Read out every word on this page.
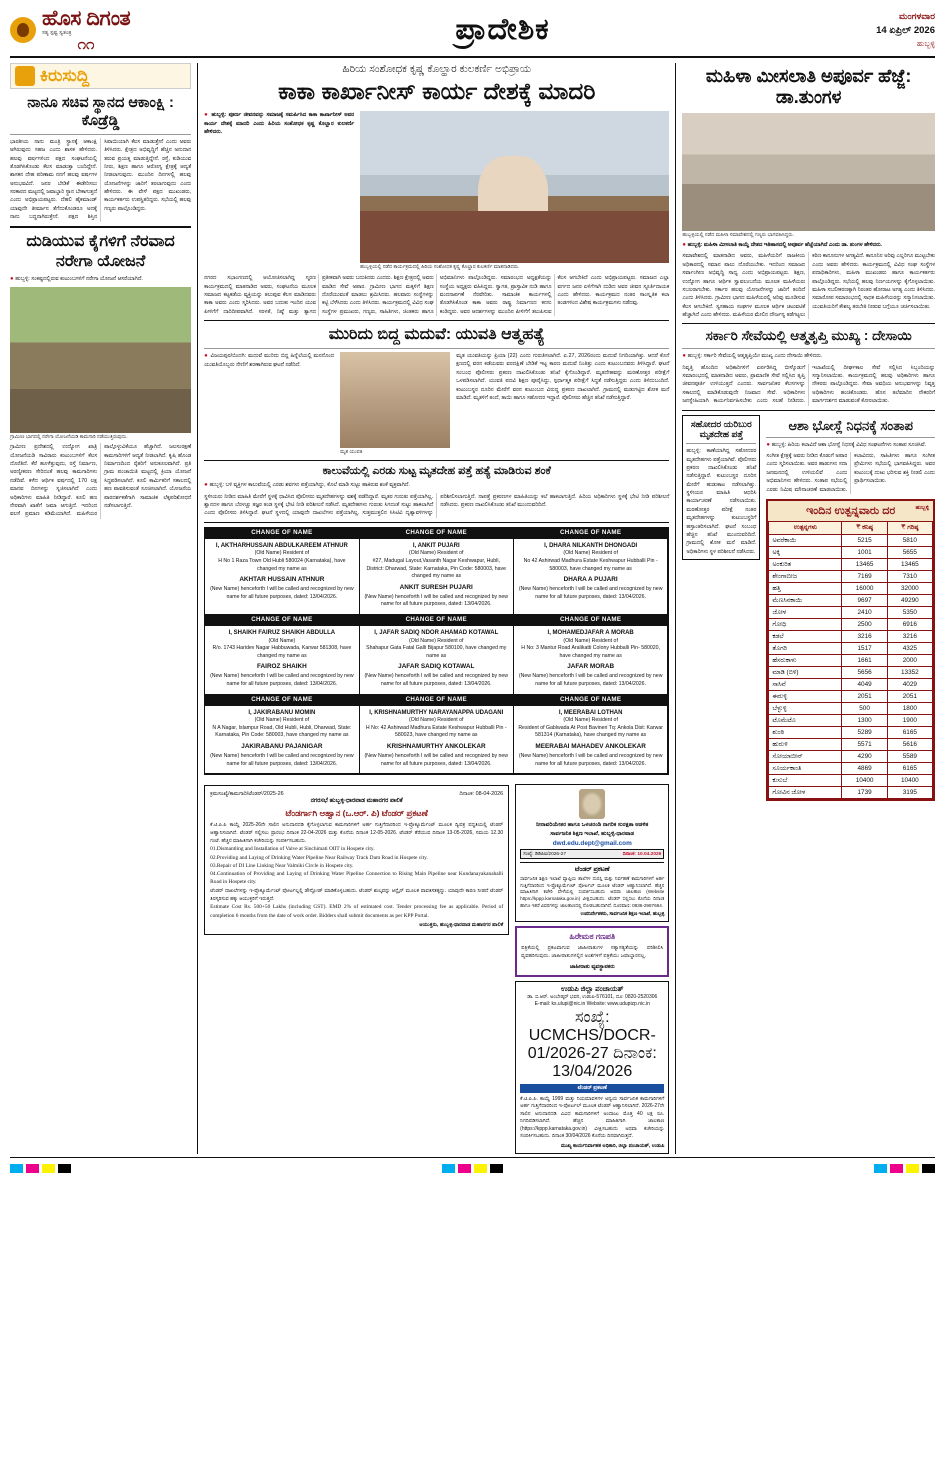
ಹೊಸ ದಿಗಂತ
ಸತ್ಯ ಸ್ಪಷ್ಟ ಸ್ವತಂತ್ರ
೧೧	ಪ್ರಾದೇಶಿಕ	ಮಂಗಳವಾರ
14 ಏಪ್ರಿಲ್ 2026
ಹುಬ್ಬಳ್ಳಿ
ಕಿರುಸುದ್ದಿ
ನಾನೂ ಸಚಿವ ಸ್ಥಾನದ ಆಕಾಂಕ್ಷಿ : ಕೊಡ್ರೆಡ್ಡಿ
ಭಾರತೀಯ ನಾನು ಮಂತ್ರಿ ಸ್ಥಾನಕ್ಕೆ ಆಕಾಂಕ್ಷಿ ಆಗಿರುವುದು ಸಹಜ ಎಂದು ಶಾಸಕ ಹೇಳಿದರು. ಹಲವು ವರ್ಷಗಳಿಂದ ಪಕ್ಷದ ಸಂಘಟನೆಯಲ್ಲಿ ತೊಡಗಿಸಿಕೊಂಡು ಕೆಲಸ ಮಾಡುತ್ತಾ ಬಂದಿದ್ದೇನೆ. ಶಾಸಕನ ದೇಹ ಪರಿಣಾಮ ನನಗೆ ಹಲವು ವರ್ಷಗಳ ಅನುಭವವಿದೆ. ಜನರ ಬೇಡಿಕೆ ಈಡೇರಿಸಲು ಸರಕಾರದ ಮಟ್ಟದಲ್ಲಿ ಜವಾಬ್ದಾರಿ ಸ್ಥಾನ ಬೇಕಾಗುತ್ತದೆ ಎಂದು ಅಭಿಪ್ರಾಯಪಟ್ಟರು. ದೆಹಲಿ ಹೈಕಮಾಂಡ್ ಯಾವುದೇ ತೀರ್ಮಾನ ತೆಗೆದುಕೊಂಡರೂ ಅದಕ್ಕೆ ನಾನು ಬದ್ಧನಾಗಿರುತ್ತೇನೆ. ಪಕ್ಷದ ಶಿಸ್ತಿನ ಸಿಪಾಯಿಯಾಗಿ ಕೆಲಸ ಮಾಡುತ್ತೇನೆ ಎಂದು ಅವರು ತಿಳಿಸಿದರು. ಕ್ಷೇತ್ರದ ಅಭಿವೃದ್ಧಿಗೆ ಹೆಚ್ಚಿನ ಅನುದಾನ ತರುವ ಪ್ರಯತ್ನ ಮಾಡುತ್ತಿದ್ದೇನೆ. ರಸ್ತೆ, ಕುಡಿಯುವ ನೀರು, ಶಿಕ್ಷಣ ಹಾಗೂ ಆರೋಗ್ಯ ಕ್ಷೇತ್ರಕ್ಕೆ ಆದ್ಯತೆ ನೀಡಲಾಗುವುದು. ಮುಂದಿನ ದಿನಗಳಲ್ಲಿ ಹಲವು ಯೋಜನೆಗಳನ್ನು ಜಾರಿಗೆ ತರಲಾಗುವುದು ಎಂದು ಹೇಳಿದರು. ಈ ವೇಳೆ ಪಕ್ಷದ ಮುಖಂಡರು, ಕಾರ್ಯಕರ್ತರು ಉಪಸ್ಥಿತರಿದ್ದರು. ಸಭೆಯಲ್ಲಿ ಹಲವು ಗಣ್ಯರು ಪಾಲ್ಗೊಂಡಿದ್ದರು.
ದುಡಿಯುವ ಕೈಗಳಿಗೆ ನೆರವಾದ ನರೇಗಾ ಯೋಜನೆ
● ಹುಬ್ಬಳ್ಳಿ: ಸಂಕಷ್ಟದಲ್ಲಿರುವ ಕುಟುಂಬಗಳಿಗೆ ನರೇಗಾ ಯೋಜನೆ ಆಸರೆಯಾಗಿದೆ.
ಗ್ರಾಮೀಣ ಭಾಗದಲ್ಲಿ ನರೇಗಾ ಯೋಜನೆಯಡಿ ಕಾಮಗಾರಿ ನಡೆಯುತ್ತಿರುವುದು.
ಗ್ರಾಮೀಣ ಪ್ರದೇಶದಲ್ಲಿ ಉದ್ಯೋಗ ಖಾತ್ರಿ ಯೋಜನೆಯಡಿ ಸಾವಿರಾರು ಕುಟುಂಬಗಳಿಗೆ ಕೆಲಸ ದೊರೆತಿದೆ. ಕೆರೆ ಹೂಳೆತ್ತುವುದು, ರಸ್ತೆ ನಿರ್ಮಾಣ, ಅರಣ್ಯೀಕರಣ ಸೇರಿದಂತೆ ಹಲವು ಕಾಮಗಾರಿಗಳು ನಡೆದಿವೆ. ಕಳೆದ ಆರ್ಥಿಕ ವರ್ಷದಲ್ಲಿ 170 ಲಕ್ಷ ಮಾನವ ದಿನಗಳನ್ನು ಸೃಜಿಸಲಾಗಿದೆ ಎಂದು ಅಧಿಕಾರಿಗಳು ಮಾಹಿತಿ ನೀಡಿದ್ದಾರೆ. ಕೂಲಿ ಹಣ ನೇರವಾಗಿ ಖಾತೆಗೆ ಜಮಾ ಆಗುತ್ತಿದೆ. ಇದರಿಂದ ವಲಸೆ ಪ್ರಮಾಣ ಕಡಿಮೆಯಾಗಿದೆ. ಮಹಿಳೆಯರ ಪಾಲ್ಗೊಳ್ಳುವಿಕೆಯೂ ಹೆಚ್ಚಾಗಿದೆ. ಜಲಸಂರಕ್ಷಣೆ ಕಾಮಗಾರಿಗಳಿಗೆ ಆದ್ಯತೆ ನೀಡಲಾಗಿದೆ. ಕೃಷಿ ಹೊಂಡ ನಿರ್ಮಾಣದಿಂದ ರೈತರಿಗೆ ಅನುಕೂಲವಾಗಿದೆ. ಪ್ರತಿ ಗ್ರಾಮ ಪಂಚಾಯಿತಿ ಮಟ್ಟದಲ್ಲಿ ಕ್ರಿಯಾ ಯೋಜನೆ ಸಿದ್ಧಪಡಿಸಲಾಗಿದೆ. ಕೂಲಿ ಕಾರ್ಮಿಕರಿಗೆ ಸಕಾಲದಲ್ಲಿ ಹಣ ಪಾವತಿಸುವಂತೆ ಸೂಚಿಸಲಾಗಿದೆ. ಯೋಜನೆಯ ಪಾರದರ್ಶಕತೆಗಾಗಿ ಸಾಮಾಜಿಕ ಲೆಕ್ಕಪರಿಶೋಧನೆ ನಡೆಸಲಾಗುತ್ತಿದೆ.
ಹಿರಿಯ ಸಂಶೋಧಕ ಕೃಷ್ಣ ಕೊಲ್ಹಾರ ಕುಲಕರ್ಣಿ ಅಭಿಪ್ರಾಯ
ಕಾಕಾ ಕಾರ್ಖಾನೀಸ್ ಕಾರ್ಯ ದೇಶಕ್ಕೆ ಮಾದರಿ
● ಹುಬ್ಬಳ್ಳಿ: ಪೂರ್ಣ ಜೀವನವನ್ನು ಸಮಾಜಕ್ಕೆ ಸಮರ್ಪಿಸಿದ ಕಾಕಾ ಕಾರ್ಖಾನೀಸ್ ಅವರ ಕಾರ್ಯ ದೇಶಕ್ಕೆ ಮಾದರಿ ಎಂದು ಹಿರಿಯ ಸಂಶೋಧಕ ಕೃಷ್ಣ ಕೊಲ್ಹಾರ ಕುಲಕರ್ಣಿ ಹೇಳಿದರು.
ಹುಬ್ಬಳ್ಳಿಯಲ್ಲಿ ನಡೆದ ಕಾರ್ಯಕ್ರಮದಲ್ಲಿ ಹಿರಿಯ ಸಂಶೋಧಕ ಕೃಷ್ಣ ಕೊಲ್ಹಾರ ಕುಲಕರ್ಣಿ ಮಾತನಾಡಿದರು.
ನಗರದ ಸಭಾಂಗಣದಲ್ಲಿ ಆಯೋಜಿಸಲಾಗಿದ್ದ ಸ್ಮರಣ ಕಾರ್ಯಕ್ರಮದಲ್ಲಿ ಮಾತನಾಡಿದ ಅವರು, ಸಂಘಟನೆಯ ಮೂಲಕ ಸಮಾಜದ ಕಟ್ಟಕಡೆಯ ವ್ಯಕ್ತಿಯನ್ನು ತಲುಪುವ ಕೆಲಸ ಮಾಡಿದವರು ಕಾಕಾ ಅವರು ಎಂದು ಸ್ಮರಿಸಿದರು. ಅವರ ಬದುಕು ಇಂದಿನ ಯುವ ಪೀಳಿಗೆಗೆ ದಾರಿದೀಪವಾಗಿದೆ. ಸರಳತೆ, ನಿಷ್ಠೆ ಮತ್ತು ತ್ಯಾಗದ ಪ್ರತೀಕವಾಗಿ ಅವರು ಬದುಕಿದರು ಎಂದರು. ಶಿಕ್ಷಣ ಕ್ಷೇತ್ರದಲ್ಲಿ ಅವರು ಮಾಡಿದ ಸೇವೆ ಅಪಾರ. ಗ್ರಾಮೀಣ ಭಾಗದ ಮಕ್ಕಳಿಗೆ ಶಿಕ್ಷಣ ದೊರೆಯುವಂತೆ ಮಾಡಲು ಶ್ರಮಿಸಿದರು. ಹಲವಾರು ಸಂಸ್ಥೆಗಳನ್ನು ಕಟ್ಟಿ ಬೆಳೆಸಿದರು ಎಂದು ತಿಳಿಸಿದರು. ಕಾರ್ಯಕ್ರಮದಲ್ಲಿ ವಿವಿಧ ಸಂಘ ಸಂಸ್ಥೆಗಳ ಪ್ರಮುಖರು, ಗಣ್ಯರು, ಸಾಹಿತಿಗಳು, ಚಿಂತಕರು ಹಾಗೂ ಅಭಿಮಾನಿಗಳು ಪಾಲ್ಗೊಂಡಿದ್ದರು. ಸಮಾರಂಭದ ಅಧ್ಯಕ್ಷತೆಯನ್ನು ಸಂಸ್ಥೆಯ ಅಧ್ಯಕ್ಷರು ವಹಿಸಿದ್ದರು. ಸ್ವಾಗತ, ಪ್ರಾಸ್ತಾವಿಕ ನುಡಿ ಹಾಗೂ ವಂದನಾರ್ಪಣೆ ನೆರವೇರಿತು. ಸಾಮಾಜಿಕ ಕಾರ್ಯಗಳಲ್ಲಿ ತೊಡಗಿಸಿಕೊಂಡ ಕಾಕಾ ಅವರು ರಾಷ್ಟ್ರ ನಿರ್ಮಾಣದ ಕನಸು ಕಂಡಿದ್ದರು. ಅವರ ಆದರ್ಶಗಳನ್ನು ಮುಂದಿನ ಪೀಳಿಗೆಗೆ ತಲುಪಿಸುವ ಕೆಲಸ ಆಗಬೇಕಿದೆ ಎಂದು ಅಭಿಪ್ರಾಯಪಟ್ಟರು. ಸಮಾಜದ ಎಲ್ಲಾ ವರ್ಗದ ಜನರ ಏಳಿಗೆಗಾಗಿ ದುಡಿದ ಅವರ ಜೀವನ ಸ್ಫೂರ್ತಿದಾಯಕ ಎಂದು ಹೇಳಿದರು. ಕಾರ್ಯಕ್ರಮದ ನಂತರ ಸಾಂಸ್ಕೃತಿಕ ಕಲಾ ತಂಡಗಳಿಂದ ವಿಶೇಷ ಕಾರ್ಯಕ್ರಮಗಳು ನಡೆದವು.
ಮುರಿದು ಬಿದ್ದ ಮದುವೆ: ಯುವತಿ ಆತ್ಮಹತ್ಯೆ
● ವಿಜಯಪುರ/ಬಿಂದಗಿ: ಮದುವೆ ಮುರಿದು ಬಿದ್ದ ಹಿನ್ನೆಲೆಯಲ್ಲಿ ಮನನೊಂದ ಯುವತಿಯೊಬ್ಬರು ನೇಣಿಗೆ ಶರಣಾಗಿರುವ ಘಟನೆ ನಡೆದಿದೆ.
ಮೃತ ಯುವತಿ
ಮೃತ ಯುವತಿಯನ್ನು ಪ್ರಿಯಾ (22) ಎಂದು ಗುರುತಿಸಲಾಗಿದೆ. ಏ.27, 2026ರಂದು ಮದುವೆ ನಿಗದಿಯಾಗಿತ್ತು. ಆದರೆ ಕೊನೆ ಕ್ಷಣದಲ್ಲಿ ವರನ ಕಡೆಯವರು ವರದಕ್ಷಿಣೆ ಬೇಡಿಕೆ ಇಟ್ಟ ಕಾರಣ ಮದುವೆ ನಿಂತಿತ್ತು ಎಂದು ಕುಟುಂಬದವರು ತಿಳಿಸಿದ್ದಾರೆ. ಘಟನೆ ಸಂಬಂಧ ಪೊಲೀಸರು ಪ್ರಕರಣ ದಾಖಲಿಸಿಕೊಂಡು ತನಿಖೆ ಕೈಗೊಂಡಿದ್ದಾರೆ. ಮೃತದೇಹವನ್ನು ಮರಣೋತ್ತರ ಪರೀಕ್ಷೆಗೆ ಒಳಪಡಿಸಲಾಗಿದೆ. ಯುವತಿ ಪದವಿ ಶಿಕ್ಷಣ ಪೂರೈಸಿದ್ದು, ಸ್ಪರ್ಧಾತ್ಮಕ ಪರೀಕ್ಷೆಗೆ ಸಿದ್ಧತೆ ನಡೆಸುತ್ತಿದ್ದರು ಎಂದು ತಿಳಿದುಬಂದಿದೆ. ಕುಟುಂಬಸ್ಥರ ದೂರಿನ ಮೇರೆಗೆ ವರನ ಕುಟುಂಬದ ವಿರುದ್ಧ ಪ್ರಕರಣ ದಾಖಲಾಗಿದೆ. ಗ್ರಾಮದಲ್ಲಿ ಮಡುಗಟ್ಟಿದ ಶೋಕ ಮನೆ ಮಾಡಿದೆ. ಮೃತಳಿಗೆ ತಂದೆ, ತಾಯಿ ಹಾಗೂ ಸಹೋದರ ಇದ್ದಾರೆ. ಪೊಲೀಸರು ಹೆಚ್ಚಿನ ತನಿಖೆ ನಡೆಸುತ್ತಿದ್ದಾರೆ.
ಕಾಲುವೆಯಲ್ಲಿ ಎರಡು ಸುಟ್ಟ ಮೃತದೇಹ ಪತ್ತೆ ಹತ್ಯೆ ಮಾಡಿರುವ ಶಂಕೆ
● ಹುಬ್ಬಳ್ಳಿ: ಬಳಿ ವ್ಯಕ್ತಿಗಳ ಕಾಲುವೆಯಲ್ಲಿ ಎರಡು ಶವಗಳು ಪತ್ತೆಯಾಗಿದ್ದು, ಕೊಲೆ ಮಾಡಿ ಸುಟ್ಟು ಹಾಕಿರುವ ಶಂಕೆ ವ್ಯಕ್ತವಾಗಿದೆ.
ಸ್ಥಳೀಯರು ನೀಡಿದ ಮಾಹಿತಿ ಮೇರೆಗೆ ಸ್ಥಳಕ್ಕೆ ಧಾವಿಸಿದ ಪೊಲೀಸರು ಮೃತದೇಹಗಳನ್ನು ವಶಕ್ಕೆ ಪಡೆದಿದ್ದಾರೆ. ಮೃತರ ಗುರುತು ಪತ್ತೆಯಾಗಿಲ್ಲ. ಶ್ವಾನದಳ ಹಾಗೂ ಬೆರಳಚ್ಚು ತಜ್ಞರ ತಂಡ ಸ್ಥಳಕ್ಕೆ ಭೇಟಿ ನೀಡಿ ಪರಿಶೀಲನೆ ನಡೆಸಿದೆ. ಮೃತದೇಹಗಳು ಗುರುತು ಸಿಗದಂತೆ ಸುಟ್ಟು ಹಾಕಲಾಗಿದೆ ಎಂದು ಪೊಲೀಸರು ತಿಳಿಸಿದ್ದಾರೆ. ಘಟನೆ ಸ್ಥಳದಲ್ಲಿ ಯಾವುದೇ ದಾಖಲೆಗಳು ಪತ್ತೆಯಾಗಿಲ್ಲ. ಸುತ್ತಮುತ್ತಲಿನ ಸಿಸಿಟಿವಿ ದೃಶ್ಯಾವಳಿಗಳನ್ನು ಪರಿಶೀಲಿಸಲಾಗುತ್ತಿದೆ. ನಾಪತ್ತೆ ಪ್ರಕರಣಗಳ ಮಾಹಿತಿಯನ್ನು ಕಲೆ ಹಾಕಲಾಗುತ್ತಿದೆ. ಹಿರಿಯ ಅಧಿಕಾರಿಗಳು ಸ್ಥಳಕ್ಕೆ ಭೇಟಿ ನೀಡಿ ಪರಿಶೀಲನೆ ನಡೆಸಿದರು. ಪ್ರಕರಣ ದಾಖಲಿಸಿಕೊಂಡು ತನಿಖೆ ಮುಂದುವರಿದಿದೆ.
CHANGE OF NAME
I, AKTHARHUSSAIN ABDULKAREEM ATHNUR
(Old Name) Resident of
H No 1 Raza Town Old Hubli 580024 (Karnataka), have changed my name as
AKHTAR HUSSAIN ATHNUR
(New Name) henceforth I will be called and recognized by new name for all future purposes, dated: 13/04/2026.
CHANGE OF NAME
I, ANKIT PUJARI
(Old Name) Resident of
#27, Madugal Layout,Vasanth Nagar Keshwapur, Hubli, District: Dharwad, State: Karnataka, Pin Code: 580003, have changed my name as
ANKIT SURESH PUJARI
(New Name) henceforth I will be called and recognized by new name for all future purposes, dated: 13/04/2026.
CHANGE OF NAME
I, DHARA NILKANTH DHONGADI
(Old Name) Resident of
No 42 Ashirwad Madhura Estate Keshwapur Hubballi Pin - 580003, have changed my name as
DHARA A PUJARI
(New Name) henceforth I will be called and recognized by new name for all future purposes, dated: 13/04/2026.
CHANGE OF NAME
I, SHAIKH FAIRUZ SHAIKH ABDULLA
(Old Name)
R/o. 1743 Haridev Nagar Habbuwada, Karwar 581308, have changed my name as
FAIROZ SHAIKH
(New Name) henceforth I will be called and recognized by new name for all future purposes, dated: 13/04/2026.
CHANGE OF NAME
I, JAFAR SADIQ NDOR AHAMAD KOTAWAL
(Old Name) Resident of
Shahapur Gata Fatal Galli Bijapur 580100, have changed my name as
JAFAR SADIQ KOTAWAL
(New Name) henceforth I will be called and recognized by new name for all future purposes, dated: 13/04/2026.
CHANGE OF NAME
I, MOHAMEDJAFAR A MORAB
(Old Name) Resident of
H No: 3 Mantur Road Aralikatti Colony Hubballi Pin- 580020, have changed my name as
JAFAR MORAB
(New Name) henceforth I will be called and recognized by new name for all future purposes, dated: 13/04/2026.
CHANGE OF NAME
I, JAKIRABANU MOMIN
(Old Name) Resident of
N A Nagar, Islampur Road, Old Hubli, Hubli, Dharwad, State: Karnataka, Pin Code: 580003, have changed my name as
JAKIRABANU PAJANIGAR
(New Name) henceforth I will be called and recognized by new name for all future purposes, dated: 13/04/2026.
CHANGE OF NAME
I, KRISHNAMURTHY NARAYANAPPA UDAGANI
(Old Name) Resident of
H No: 42 Ashirwad Madhura Estate Keshwapur Hubballi Pin - 580023, have changed my name as
KRISHNAMURTHY ANKOLEKAR
(New Name) henceforth I will be called and recognized by new name for all future purposes, dated: 13/04/2026.
CHANGE OF NAME
I, MEERABAI LOTHAN
(Old Name) Resident of
Resident of Gablwada At Post Bavineri Tq: Ankola Dist: Karwar 581314 (Karnataka), have changed my name as
MEERABAI MAHADEV ANKOLEKAR
(New Name) henceforth I will be called and recognized by new name for all future purposes, dated: 13/04/2026.
ಕ್ರಮಸಂಖ್ಯೆ/ಕಾಮಗಾರಿ/ಟೆಂಡರ್/2025-26	ದಿನಾಂಕ: 08-04-2026
ನಗರಸಭೆ ಹುಬ್ಬಳ್ಳಿ-ಧಾರವಾಡ ಮಹಾನಗರ ಪಾಲಿಕೆ
ಟೆಂಡರ್ಗಾಗಿ ಆಹ್ವಾನ (ಒ.ಆರ್. ಪಿ) ಟೆಂಡರ್ ಪ್ರಕಟಣೆ
ಕೆ.ಟಿ.ಪಿ.ಪಿ ಕಾಯ್ದೆ 2025-26ನೇ ಸಾಲಿನ ಅನುದಾನದಡಿ ಕೈಗೊಳ್ಳಲಾಗುವ ಕಾಮಗಾರಿಗಳಿಗೆ ಅರ್ಹ ಗುತ್ತಿಗೆದಾರರಿಂದ ಇ-ಪ್ರೊಕ್ಯೂರ್ಮೆಂಟ್ ಮೂಲಕ ದ್ವಿಪತ್ರ ಪದ್ಧತಿಯಲ್ಲಿ ಟೆಂಡರ್ ಆಹ್ವಾನಿಸಲಾಗಿದೆ. ಟೆಂಡರ್ ಸಲ್ಲಿಸಲು ಪ್ರಾರಂಭ ದಿನಾಂಕ 22-04-2026 ಮತ್ತು ಕೊನೆಯ ದಿನಾಂಕ 12-05-2026. ಟೆಂಡರ್ ತೆರೆಯುವ ದಿನಾಂಕ 13-05-2026, ಸಮಯ 12.30 ಗಂಟೆ. ಹೆಚ್ಚಿನ ಮಾಹಿತಿಗಾಗಿ ಕಚೇರಿಯನ್ನು ಸಂಪರ್ಕಿಸಬಹುದು.
01.Dismantling and Installation of Valve at Sinchimati OIIT in Hospete city.
02.Providing and Laying of Drinking Water Pipeline Near Railway Track Dam Road in Hospete city.
03.Repair of DI Line Linking Near Valmiki Circle in Hospete city.
04.Continuation of Providing and Laying of Drinking Water Pipeline Connection to Rising Main Pipeline near Kundanayakanahalli Road in Hospete city.
ಟೆಂಡರ್ ದಾಖಲೆಗಳನ್ನು ಇ-ಪ್ರೊಕ್ಯೂರ್ಮೆಂಟ್ ಪೋರ್ಟಲ್ನಲ್ಲಿ ಡೌನ್ಲೋಡ್ ಮಾಡಿಕೊಳ್ಳಬಹುದು. ಟೆಂಡರ್ ಶುಲ್ಕವನ್ನು ಆನ್ಲೈನ್ ಮೂಲಕ ಪಾವತಿಸತಕ್ಕದ್ದು. ಯಾವುದೇ ಕಾರಣ ನೀಡದೆ ಟೆಂಡರ್ ತಿರಸ್ಕರಿಸುವ ಹಕ್ಕು ಆಯುಕ್ತರಿಗೆ ಇರುತ್ತದೆ.
Estimate Cost Rs. 500+50 Lakhs (including GST). EMD 2% of estimated cost. Tender processing fee as applicable. Period of completion 6 months from the date of work order. Bidders shall submit documents as per KPP Portal.
ಆಯುಕ್ತರು, ಹುಬ್ಬಳ್ಳಿ-ಧಾರವಾಡ ಮಹಾನಗರ ಪಾಲಿಕೆ
ನೀರಾವರಿಯೇತರ ಹಾಗೂ ಒಳಚರಂಡಿ ನಾಗರಿಕ ಸುರಕ್ಷತಾ ಆಡಳಿತ
ಸಾರ್ವಜನಿಕ ಶಿಕ್ಷಣ ಇಲಾಖೆ, ಹುಬ್ಬಳ್ಳಿ-ಧಾರವಾಡ
dwd.edu.dept@gmail.com
ಸಂಖ್ಯೆ: ಡಿಡಿಪಿಐ/2026-27	ದಿನಾಂಕ: 10.04.2026
ಟೆಂಡರ್ ಪ್ರಕಟಣೆ
ಸಾರ್ವಜನಿಕ ಶಿಕ್ಷಣ ಇಲಾಖೆ ವ್ಯಾಪ್ತಿಯ ಶಾಲೆಗಳ ದುರಸ್ತಿ ಮತ್ತು ನಿರ್ವಹಣೆ ಕಾಮಗಾರಿಗಳಿಗೆ ಅರ್ಹ ಗುತ್ತಿಗೆದಾರರಿಂದ ಇ-ಪ್ರೊಕ್ಯೂರ್ಮೆಂಟ್ ಪೋರ್ಟಲ್ ಮೂಲಕ ಟೆಂಡರ್ ಆಹ್ವಾನಿಸಲಾಗಿದೆ. ಹೆಚ್ಚಿನ ಮಾಹಿತಿಗಾಗಿ ಕಚೇರಿ ವೇಳೆಯಲ್ಲಿ ಸಂಪರ್ಕಿಸಬಹುದು ಅಥವಾ ಜಾಲತಾಣ (Website https://kppp.karnataka.gov.in) ವೀಕ್ಷಿಸಬಹುದು. ಟೆಂಡರ್ ಸಲ್ಲಿಸಲು ಕೊನೆಯ ದಿನಾಂಕ ಹಾಗೂ ಇತರೆ ವಿವರಗಳನ್ನು ಜಾಲತಾಣದಲ್ಲಿ ನೋಡಬಹುದಾಗಿದೆ. ದೂರವಾಣಿ: 0836-2987684.
ಉಪನಿರ್ದೇಶಕರು, ಸಾರ್ವಜನಿಕ ಶಿಕ್ಷಣ ಇಲಾಖೆ, ಹುಬ್ಬಳ್ಳಿ
ಹಿರೇಮಠ ಗಣಪತಿ
ಪತ್ರಿಕೆಯಲ್ಲಿ ಪ್ರಕಟವಾಗುವ ಜಾಹೀರಾತುಗಳ ಸತ್ಯಾಸತ್ಯತೆಯನ್ನು ಪರಿಶೀಲಿಸಿ ವ್ಯವಹರಿಸುವುದು. ಜಾಹೀರಾತುಗಳಲ್ಲಿನ ಅಂಶಗಳಿಗೆ ಪತ್ರಿಕೆಯು ಜವಾಬ್ದಾರನಲ್ಲ.
ಜಾಹೀರಾತು ವ್ಯವಸ್ಥಾಪಕರು
ಉಡುಪಿ ಜಿಲ್ಲಾ ಪಂಚಾಯತ್
ಡಾ. ಬಿ.ಆರ್. ಅಂಬೇಡ್ಕರ್ ಭವನ, ಉಡುಪಿ-576101, ದೂ: 0820-2520306
E-mail: ks.ulupi@nic.in Website: www.udupizp.nic.in
ಸಂಖ್ಯೆ: UCMCHS/DOCR-01/2026-27 ದಿನಾಂಕ: 13/04/2026
ಟೆಂಡರ್ ಪ್ರಕಟಣೆ
ಕೆ.ಟಿ.ಪಿ.ಪಿ. ಕಾಯ್ದೆ 1999 ಮತ್ತು ನಿಯಮಾವಳಿಗಳ ಅನ್ವಯ ಸಾರ್ವಜನಿಕ ಕಾಮಗಾರಿಗಳಿಗೆ ಅರ್ಹ ಗುತ್ತಿಗೆದಾರರಿಂದ ಇ-ಪೋರ್ಟಲ್ ಮೂಲಕ ಟೆಂಡರ್ ಆಹ್ವಾನಿಸಲಾಗಿದೆ. 2026-27ನೇ ಸಾಲಿನ ಅನುದಾನದಡಿ ವಿವಿಧ ಕಾಮಗಾರಿಗಳಿಗೆ ಅಂದಾಜು ಮೊತ್ತ 40 ಲಕ್ಷ ರೂ. ನಿಗದಿಪಡಿಸಲಾಗಿದೆ. ಹೆಚ್ಚಿನ ಮಾಹಿತಿಗಾಗಿ ಜಾಲತಾಣ (https://kppp.karnataka.gov.in) ವೀಕ್ಷಿಸಬಹುದು ಅಥವಾ ಕಚೇರಿಯನ್ನು ಸಂಪರ್ಕಿಸಬಹುದು. ದಿನಾಂಕ 30/04/2026 ಕೊನೆಯ ದಿನವಾಗಿರುತ್ತದೆ.
ಮುಖ್ಯ ಕಾರ್ಯನಿರ್ವಾಹಕ ಅಧಿಕಾರಿ, ಜಿಲ್ಲಾ ಪಂಚಾಯತ್, ಉಡುಪಿ
ಮಹಿಳಾ ಮೀಸಲಾತಿ ಅಪೂರ್ವ ಹೆಜ್ಜೆ: ಡಾ.ತುಂಗಳ
ಹುಬ್ಬಳ್ಳಿಯಲ್ಲಿ ನಡೆದ ಮಹಿಳಾ ಸಮಾವೇಶದಲ್ಲಿ ಗಣ್ಯರು ಭಾಗವಹಿಸಿದ್ದರು.
● ಹುಬ್ಬಳ್ಳಿ: ಮಹಿಳಾ ಮೀಸಲಾತಿ ಕಾಯ್ದೆ ದೇಶದ ಇತಿಹಾಸದಲ್ಲಿ ಅಪೂರ್ವ ಹೆಜ್ಜೆಯಾಗಿದೆ ಎಂದು ಡಾ. ತುಂಗಳ ಹೇಳಿದರು.
ಸಮಾವೇಶದಲ್ಲಿ ಮಾತನಾಡಿದ ಅವರು, ಮಹಿಳೆಯರಿಗೆ ರಾಜಕೀಯ ಅಧಿಕಾರದಲ್ಲಿ ಸಮಾನ ಪಾಲು ದೊರೆಯಬೇಕು. ಇದರಿಂದ ಸಮಾಜದ ಸರ್ವಾಂಗೀಣ ಅಭಿವೃದ್ಧಿ ಸಾಧ್ಯ ಎಂದು ಅಭಿಪ್ರಾಯಪಟ್ಟರು. ಶಿಕ್ಷಣ, ಉದ್ಯೋಗ ಹಾಗೂ ಆರ್ಥಿಕ ಸ್ವಾವಲಂಬನೆಯ ಮೂಲಕ ಮಹಿಳೆಯರು ಸಬಲರಾಗಬೇಕು. ಸರ್ಕಾರ ಹಲವು ಯೋಜನೆಗಳನ್ನು ಜಾರಿಗೆ ತಂದಿದೆ ಎಂದು ತಿಳಿಸಿದರು. ಗ್ರಾಮೀಣ ಭಾಗದ ಮಹಿಳೆಯರಲ್ಲಿ ಅರಿವು ಮೂಡಿಸುವ ಕೆಲಸ ಆಗಬೇಕಿದೆ. ಸ್ವಸಹಾಯ ಸಂಘಗಳ ಮೂಲಕ ಆರ್ಥಿಕ ಚಟುವಟಿಕೆ ಹೆಚ್ಚಾಗಿದೆ ಎಂದು ಹೇಳಿದರು. ಮಹಿಳೆಯರ ಮೇಲಿನ ದೌರ್ಜನ್ಯ ತಡೆಗಟ್ಟಲು ಕಠಿಣ ಕಾನೂನುಗಳ ಅಗತ್ಯವಿದೆ. ಕಾನೂನಿನ ಅರಿವು ಎಲ್ಲರಿಗೂ ಮುಟ್ಟಬೇಕು ಎಂದು ಅವರು ಹೇಳಿದರು. ಕಾರ್ಯಕ್ರಮದಲ್ಲಿ ವಿವಿಧ ಸಂಘ ಸಂಸ್ಥೆಗಳ ಪದಾಧಿಕಾರಿಗಳು, ಮಹಿಳಾ ಮುಖಂಡರು ಹಾಗೂ ಕಾರ್ಯಕರ್ತರು ಪಾಲ್ಗೊಂಡಿದ್ದರು. ಸಭೆಯಲ್ಲಿ ಹಲವು ನಿರ್ಣಯಗಳನ್ನು ಕೈಗೊಳ್ಳಲಾಯಿತು. ಮಹಿಳಾ ಸಬಲೀಕರಣಕ್ಕಾಗಿ ನಿರಂತರ ಹೋರಾಟ ಅಗತ್ಯ ಎಂದು ತಿಳಿಸಿದರು. ಸಮಾರೋಪ ಸಮಾರಂಭದಲ್ಲಿ ಸಾಧಕ ಮಹಿಳೆಯರನ್ನು ಸನ್ಮಾನಿಸಲಾಯಿತು. ಯುವತಿಯರಿಗೆ ಕೌಶಲ್ಯ ತರಬೇತಿ ನೀಡುವ ಬಗ್ಗೆಯೂ ಚರ್ಚಿಸಲಾಯಿತು.
ಸರ್ಕಾರಿ ಸೇವೆಯಲ್ಲಿ ಆತ್ಮತೃಪ್ತಿ ಮುಖ್ಯ : ದೇಸಾಯಿ
● ಹುಬ್ಬಳ್ಳಿ: ಸರ್ಕಾರಿ ಸೇವೆಯಲ್ಲಿ ಆತ್ಮತೃಪ್ತಿಯೇ ಮುಖ್ಯ ಎಂದು ದೇಸಾಯಿ ಹೇಳಿದರು.
ನಿವೃತ್ತಿ ಹೊಂದಿದ ಅಧಿಕಾರಿಗಳಿಗೆ ಏರ್ಪಡಿಸಿದ್ದ ಬೀಳ್ಕೊಡುಗೆ ಸಮಾರಂಭದಲ್ಲಿ ಮಾತನಾಡಿದ ಅವರು, ಪ್ರಾಮಾಣಿಕ ಸೇವೆ ಸಲ್ಲಿಸಿದ ತೃಪ್ತಿ ಜೀವನಪೂರ್ತಿ ಉಳಿಯುತ್ತದೆ ಎಂದರು. ಸಾರ್ವಜನಿಕರ ಕೆಲಸಗಳನ್ನು ಸಕಾಲದಲ್ಲಿ ಮಾಡಿಕೊಡುವುದೇ ನಿಜವಾದ ಸೇವೆ. ಅಧಿಕಾರಿಗಳು ಜನಸ್ನೇಹಿಯಾಗಿ ಕಾರ್ಯನಿರ್ವಹಿಸಬೇಕು ಎಂದು ಸಲಹೆ ನೀಡಿದರು. ಇಲಾಖೆಯಲ್ಲಿ ದೀರ್ಘಕಾಲ ಸೇವೆ ಸಲ್ಲಿಸಿದ ಸಿಬ್ಬಂದಿಯನ್ನು ಸನ್ಮಾನಿಸಲಾಯಿತು. ಕಾರ್ಯಕ್ರಮದಲ್ಲಿ ಹಲವು ಅಧಿಕಾರಿಗಳು ಹಾಗೂ ನೌಕರರು ಪಾಲ್ಗೊಂಡಿದ್ದರು. ಸೇವಾ ಅವಧಿಯ ಅನುಭವಗಳನ್ನು ನಿವೃತ್ತ ಅಧಿಕಾರಿಗಳು ಹಂಚಿಕೊಂಡರು. ಹೊಸ ತಲೆಮಾರಿನ ನೌಕರರಿಗೆ ಮಾರ್ಗದರ್ಶನ ಮಾಡುವಂತೆ ಕೋರಲಾಯಿತು.
ಸಹೋದರ ಯರಿಬುರ ಮೃತದೇಹ ಪತ್ತೆ
ಹುಬ್ಬಳ್ಳಿ: ಕಾಣೆಯಾಗಿದ್ದ ಸಹೋದರರ ಮೃತದೇಹಗಳು ಪತ್ತೆಯಾಗಿವೆ. ಪೊಲೀಸರು ಪ್ರಕರಣ ದಾಖಲಿಸಿಕೊಂಡು ತನಿಖೆ ನಡೆಸುತ್ತಿದ್ದಾರೆ. ಕುಟುಂಬಸ್ಥರ ದೂರಿನ ಮೇರೆಗೆ ಹುಡುಕಾಟ ನಡೆಸಲಾಗಿತ್ತು. ಸ್ಥಳೀಯರ ಮಾಹಿತಿ ಆಧರಿಸಿ ಕಾರ್ಯಾಚರಣೆ ನಡೆಸಲಾಯಿತು. ಮರಣೋತ್ತರ ಪರೀಕ್ಷೆ ನಂತರ ಮೃತದೇಹಗಳನ್ನು ಕುಟುಂಬಸ್ಥರಿಗೆ ಹಸ್ತಾಂತರಿಸಲಾಗಿದೆ. ಘಟನೆ ಸಂಬಂಧ ಹೆಚ್ಚಿನ ತನಿಖೆ ಮುಂದುವರಿದಿದೆ. ಗ್ರಾಮದಲ್ಲಿ ಶೋಕ ಮನೆ ಮಾಡಿದೆ. ಅಧಿಕಾರಿಗಳು ಸ್ಥಳ ಪರಿಶೀಲನೆ ನಡೆಸಿದರು.
ಆಶಾ ಭೋಸ್ಲೆ ನಿಧನಕ್ಕೆ ಸಂತಾಪ
● ಹುಬ್ಬಳ್ಳಿ: ಹಿರಿಯ ಕಲಾವಿದೆ ಆಶಾ ಭೋಸ್ಲೆ ನಿಧನಕ್ಕೆ ವಿವಿಧ ಸಂಘಟನೆಗಳು ಸಂತಾಪ ಸೂಚಿಸಿವೆ.
ಸಂಗೀತ ಕ್ಷೇತ್ರಕ್ಕೆ ಅವರು ನೀಡಿದ ಕೊಡುಗೆ ಅಪಾರ ಎಂದು ಸ್ಮರಿಸಲಾಯಿತು. ಅವರ ಹಾಡುಗಳು ಸದಾ ಜನಮನದಲ್ಲಿ ಉಳಿಯಲಿವೆ ಎಂದು ಅಭಿಮಾನಿಗಳು ಹೇಳಿದರು. ಸಂತಾಪ ಸಭೆಯಲ್ಲಿ ಎರಡು ನಿಮಿಷ ಮೌನಾಚರಣೆ ಮಾಡಲಾಯಿತು. ಕಲಾವಿದರು, ಸಾಹಿತಿಗಳು ಹಾಗೂ ಸಂಗೀತ ಪ್ರೇಮಿಗಳು ಸಭೆಯಲ್ಲಿ ಭಾಗವಹಿಸಿದ್ದರು. ಅವರ ಕುಟುಂಬಕ್ಕೆ ದುಃಖ ಭರಿಸುವ ಶಕ್ತಿ ನೀಡಲಿ ಎಂದು ಪ್ರಾರ್ಥಿಸಲಾಯಿತು.
ಇಂದಿನ ಉತ್ಪನ್ನವಾರು ದರ	ಹುಬ್ಬಳ್ಳಿ
ಉತ್ಪನ್ನಗಳು	₹ ಕನಿಷ್ಠ	₹ ಗರಿಷ್ಠ
ಅವರೆಕಾಯಿ	5215	5810
ಅಕ್ಕಿ	1001	5655
ಅಂಕುರಿತ	13465	13465
ಶೇಂಗಾಬೀಜ	7169	7310
ಹತ್ತಿ	16000	32000
ಮೆಣಸಿನಕಾಯಿ	9697	49290
ಜೋಳ	2410	5350
ಗೋಧಿ	2500	6916
ಕಡಲೆ	3216	3216
ತೊಗರಿ	1517	4325
ಹೆಸರುಕಾಳು	1661	2000
ಮಾಡಿ (ಬಿಳಿ)	5656	13352
ಸಾಸಿವೆ	4049	4029
ಈರುಳ್ಳಿ	2051	2051
ಬೆಳ್ಳುಳ್ಳಿ	500	1800
ಟೊಮೆಟೊ	1300	1900
ಶುಂಠಿ	5289	6165
ಹುರುಳಿ	5571	5616
ಸೋಯಾಬೀನ್	4290	5589
ಸೂರ್ಯಕಾಂತಿ	4869	6165
ಕುಸುಬೆ	10400	10400
ಗೋವಿನ ಜೋಳ	1739	3195
